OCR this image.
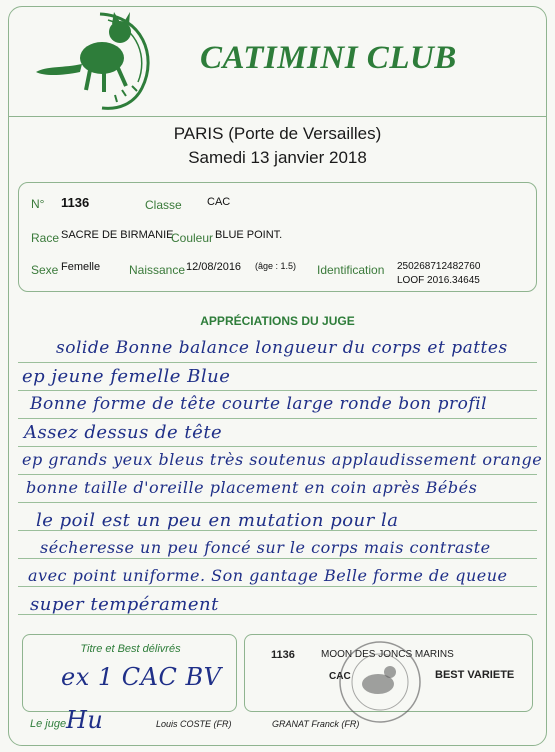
CATIMINI CLUB
PARIS (Porte de Versailles)
Samedi 13 janvier 2018
N° 1136	Classe CAC
Race SACRE DE BIRMANIE
Couleur BLUE POINT.
Sexe Femelle Naissance 12/08/2016 (âge : 1.5) Identification 250268712482760
LOOF 2016.34645
APPRÉCIATIONS DU JUGE
solide Bonne balance longueur du corps et pattes
ep jeune femelle Blue
Bonne forme de tête courte large ronde bon profil
Assez dessus de tête
ep grands yeux bleus très soutenus applaudissement orange
bonne taille d'oreille placement en coin après Bébés
le poil est un peu en mutation pour la
sécheresse un peu foncé sur le corps mais contraste
avec point uniforme. Son gantage Belle forme de queue
super tempérament
Titre et Best délivrés
ex 1 CAC BV
1136	MOON DES JONCS MARINS
CAC	BEST VARIETE
Le juge :
Hu	Louis COSTE (FR)	GRANAT Franck (FR)
